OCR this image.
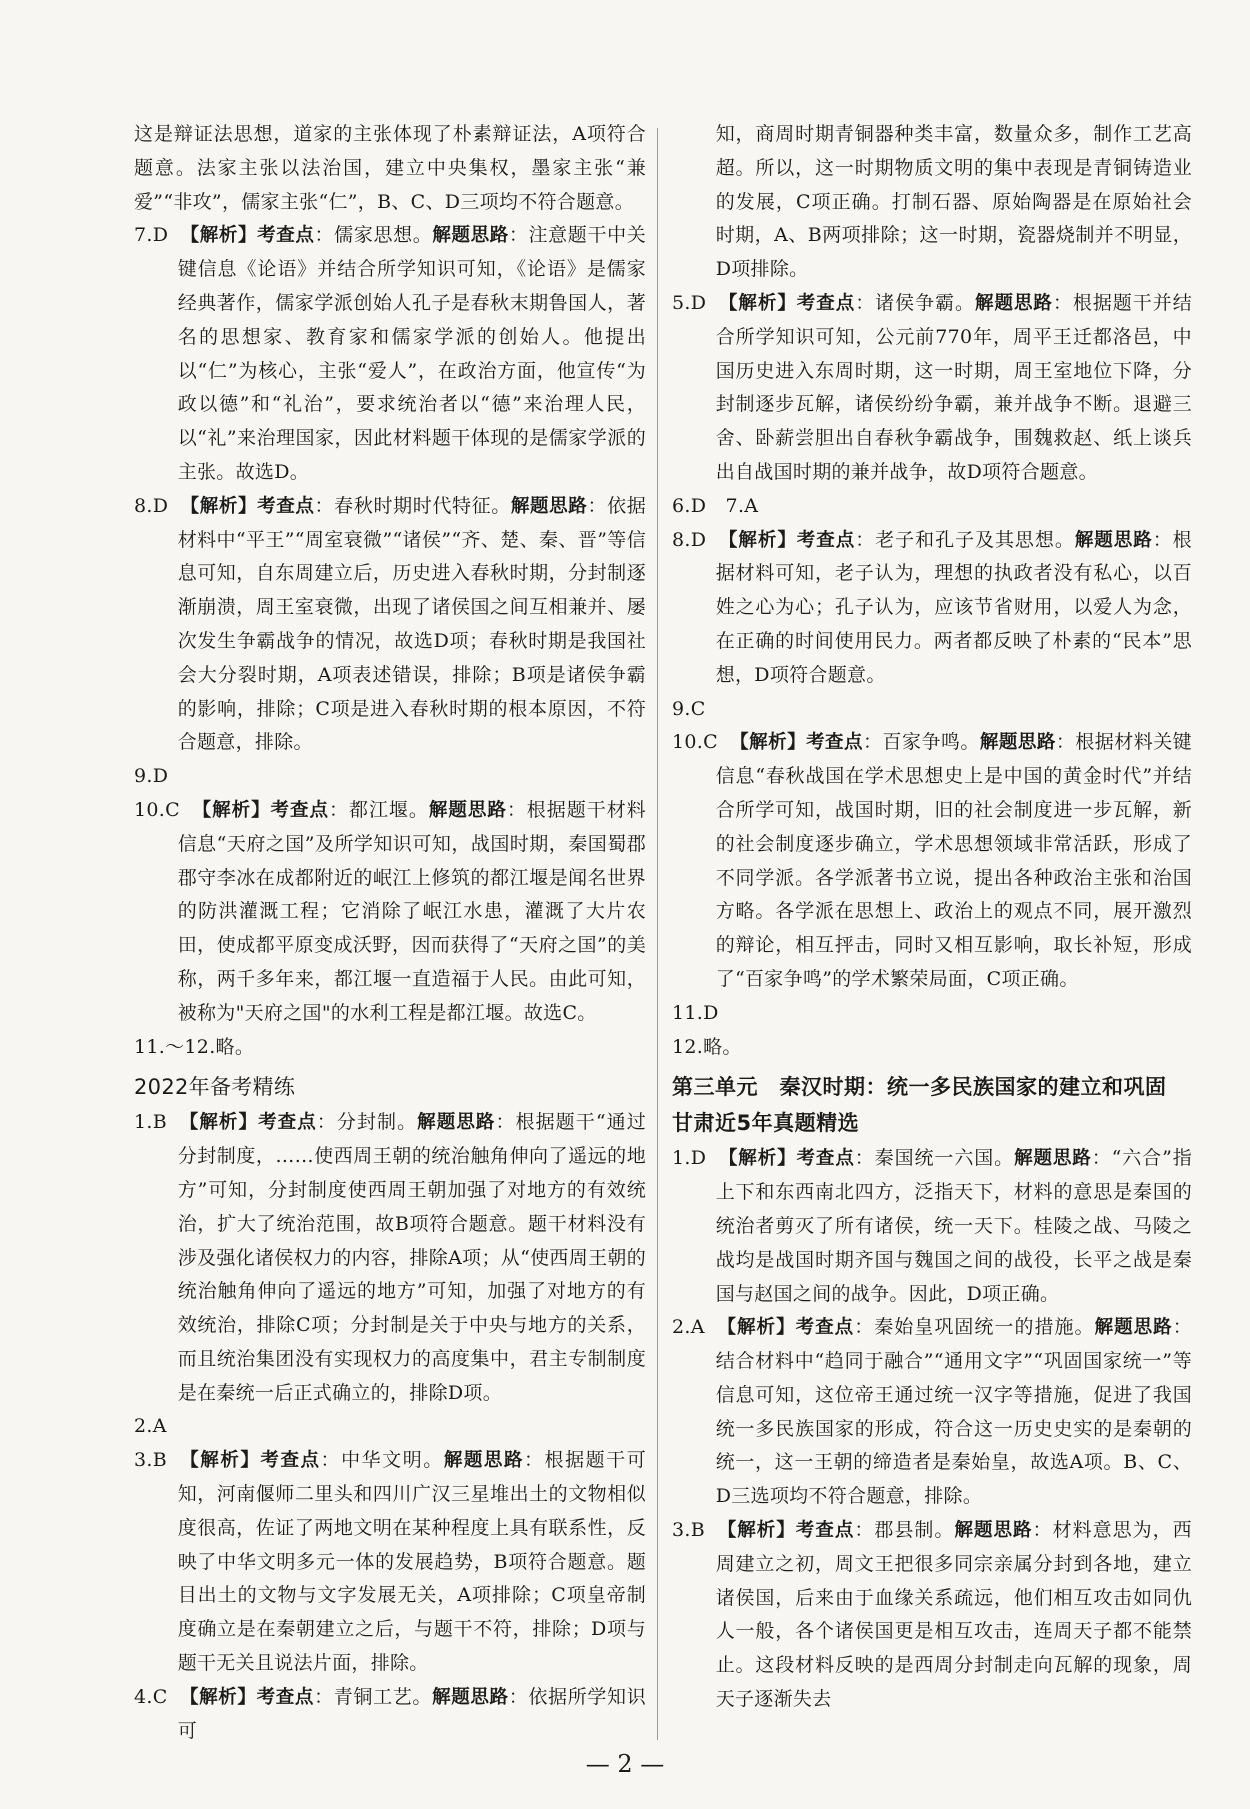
这是辩证法思想，道家的主张体现了朴素辩证法，A项符合题意。法家主张以法治国，建立中央集权，墨家主张“兼爱”“非攻”，儒家主张“仁”，B、C、D三项均不符合题意。

7.D 【解析】考查点：儒家思想。解题思路：注意题干中关键信息《论语》并结合所学知识可知，《论语》是儒家经典著作，儒家学派创始人孔子是春秋末期鲁国人，著名的思想家、教育家和儒家学派的创始人。他提出以“仁”为核心，主张“爱人”，在政治方面，他宣传“为政以德”和“礼治”，要求统治者以“德”来治理人民，以“礼”来治理国家，因此材料题干体现的是儒家学派的主张。故选D。

8.D 【解析】考查点：春秋时期时代特征。解题思路：依据材料中“平王”“周室衰微”“诸侯”“齐、楚、秦、晋”等信息可知，自东周建立后，历史进入春秋时期，分封制逐渐崩溃，周王室衰微，出现了诸侯国之间互相兼并、屡次发生争霸战争的情况，故选D项；春秋时期是我国社会大分裂时期，A项表述错误，排除；B项是诸侯争霸的影响，排除；C项是进入春秋时期的根本原因，不符合题意，排除。

9.D

10.C 【解析】考查点：都江堰。解题思路：根据题干材料信息“天府之国”及所学知识可知，战国时期，秦国蜀郡郡守李冰在成都附近的岷江上修筑的都江堰是闻名世界的防洪灌溉工程；它消除了岷江水患，灌溉了大片农田，使成都平原变成沃野，因而获得了“天府之国”的美称，两千多年来，都江堰一直造福于人民。由此可知，被称为"天府之国"的水利工程是都江堰。故选C。

11.～12.略。

2022年备考精练

1.B 【解析】考查点：分封制。解题思路：根据题干“通过分封制度，……使西周王朝的统治触角伸向了遥远的地方”可知，分封制度使西周王朝加强了对地方的有效统治，扩大了统治范围，故B项符合题意。题干材料没有涉及强化诸侯权力的内容，排除A项；从“使西周王朝的统治触角伸向了遥远的地方”可知，加强了对地方的有效统治，排除C项；分封制是关于中央与地方的关系，而且统治集团没有实现权力的高度集中，君主专制制度是在秦统一后正式确立的，排除D项。

2.A

3.B 【解析】考查点：中华文明。解题思路：根据题干可知，河南偃师二里头和四川广汉三星堆出土的文物相似度很高，佐证了两地文明在某种程度上具有联系性，反映了中华文明多元一体的发展趋势，B项符合题意。题目出土的文物与文字发展无关，A项排除；C项皇帝制度确立是在秦朝建立之后，与题干不符，排除；D项与题干无关且说法片面，排除。

4.C 【解析】考查点：青铜工艺。解题思路：依据所学知识可

知，商周时期青铜器种类丰富，数量众多，制作工艺高超。所以，这一时期物质文明的集中表现是青铜铸造业的发展，C项正确。打制石器、原始陶器是在原始社会时期，A、B两项排除；这一时期，瓷器烧制并不明显，D项排除。

5.D 【解析】考查点：诸侯争霸。解题思路：根据题干并结合所学知识可知，公元前770年，周平王迁都洛邑，中国历史进入东周时期，这一时期，周王室地位下降，分封制逐步瓦解，诸侯纷纷争霸，兼并战争不断。退避三舍、卧薪尝胆出自春秋争霸战争，围魏救赵、纸上谈兵出自战国时期的兼并战争，故D项符合题意。

6.D　7.A

8.D 【解析】考查点：老子和孔子及其思想。解题思路：根据材料可知，老子认为，理想的执政者没有私心，以百姓之心为心；孔子认为，应该节省财用，以爱人为念，在正确的时间使用民力。两者都反映了朴素的“民本”思想，D项符合题意。

9.C

10.C 【解析】考查点：百家争鸣。解题思路：根据材料关键信息“春秋战国在学术思想史上是中国的黄金时代”并结合所学可知，战国时期，旧的社会制度进一步瓦解，新的社会制度逐步确立，学术思想领域非常活跃，形成了不同学派。各学派著书立说，提出各种政治主张和治国方略。各学派在思想上、政治上的观点不同，展开激烈的辩论，相互抨击，同时又相互影响，取长补短，形成了“百家争鸣”的学术繁荣局面，C项正确。

11.D

12.略。

第三单元　秦汉时期：统一多民族国家的建立和巩固

甘肃近5年真题精选

1.D 【解析】考查点：秦国统一六国。解题思路：“六合”指上下和东西南北四方，泛指天下，材料的意思是秦国的统治者剪灭了所有诸侯，统一天下。桂陵之战、马陵之战均是战国时期齐国与魏国之间的战役，长平之战是秦国与赵国之间的战争。因此，D项正确。

2.A 【解析】考查点：秦始皇巩固统一的措施。解题思路：结合材料中“趋同于融合”“通用文字”“巩固国家统一”等信息可知，这位帝王通过统一汉字等措施，促进了我国统一多民族国家的形成，符合这一历史史实的是秦朝的统一，这一王朝的缔造者是秦始皇，故选A项。B、C、D三选项均不符合题意，排除。

3.B 【解析】考查点：郡县制。解题思路：材料意思为，西周建立之初，周文王把很多同宗亲属分封到各地，建立诸侯国，后来由于血缘关系疏远，他们相互攻击如同仇人一般，各个诸侯国更是相互攻击，连周天子都不能禁止。这段材料反映的是西周分封制走向瓦解的现象，周天子逐渐失去

— 2 —
